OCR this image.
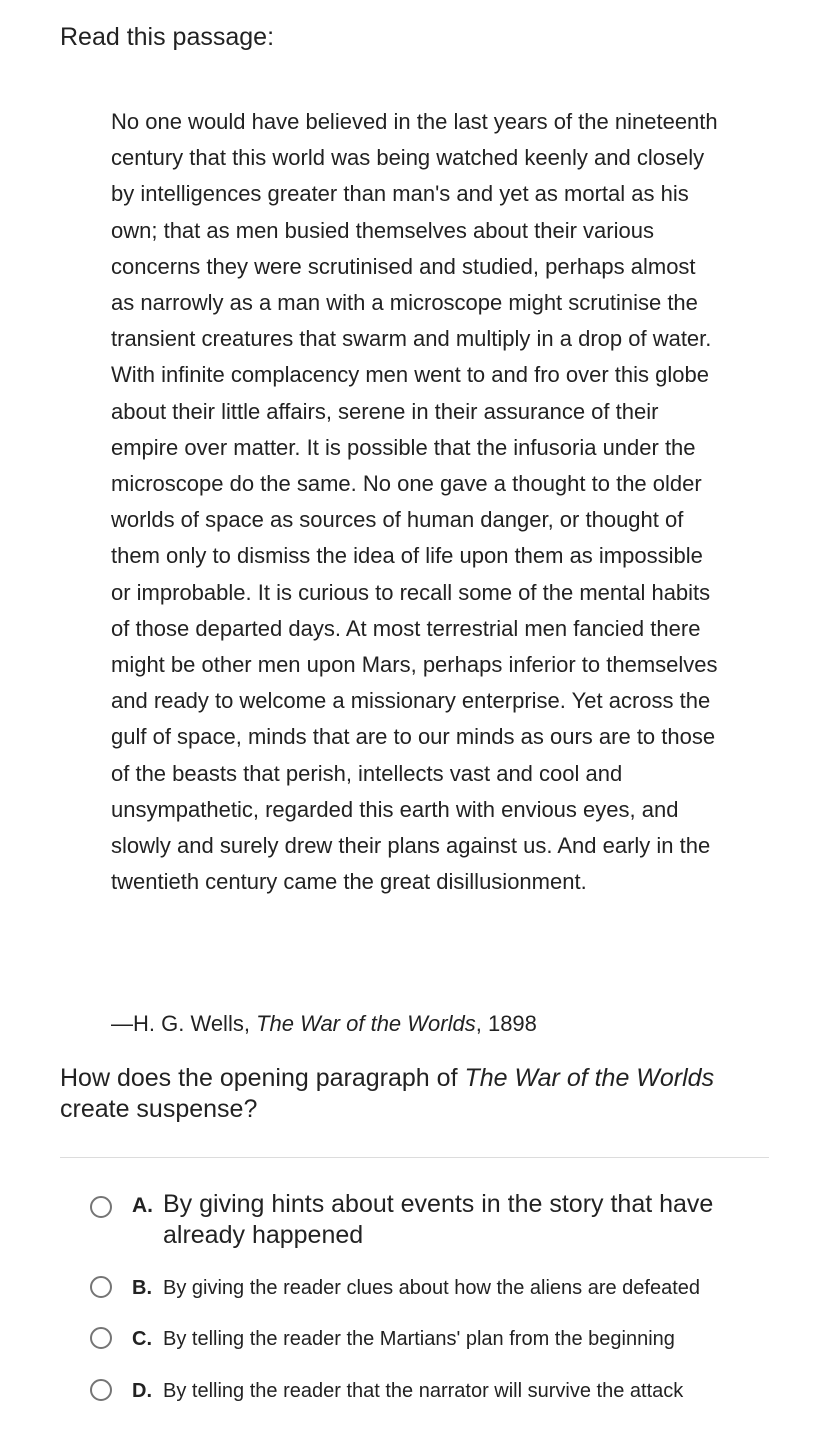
Read this passage:

No one would have believed in the last years of the nineteenth century that this world was being watched keenly and closely by intelligences greater than man's and yet as mortal as his own; that as men busied themselves about their various concerns they were scrutinised and studied, perhaps almost as narrowly as a man with a microscope might scrutinise the transient creatures that swarm and multiply in a drop of water. With infinite complacency men went to and fro over this globe about their little affairs, serene in their assurance of their empire over matter. It is possible that the infusoria under the microscope do the same. No one gave a thought to the older worlds of space as sources of human danger, or thought of them only to dismiss the idea of life upon them as impossible or improbable. It is curious to recall some of the mental habits of those departed days. At most terrestrial men fancied there might be other men upon Mars, perhaps inferior to themselves and ready to welcome a missionary enterprise. Yet across the gulf of space, minds that are to our minds as ours are to those of the beasts that perish, intellects vast and cool and unsympathetic, regarded this earth with envious eyes, and slowly and surely drew their plans against us. And early in the twentieth century came the great disillusionment.

—H. G. Wells, The War of the Worlds, 1898

How does the opening paragraph of The War of the Worlds create suspense?
A. By giving hints about events in the story that have already happened
B. By giving the reader clues about how the aliens are defeated
C. By telling the reader the Martians' plan from the beginning
D. By telling the reader that the narrator will survive the attack
